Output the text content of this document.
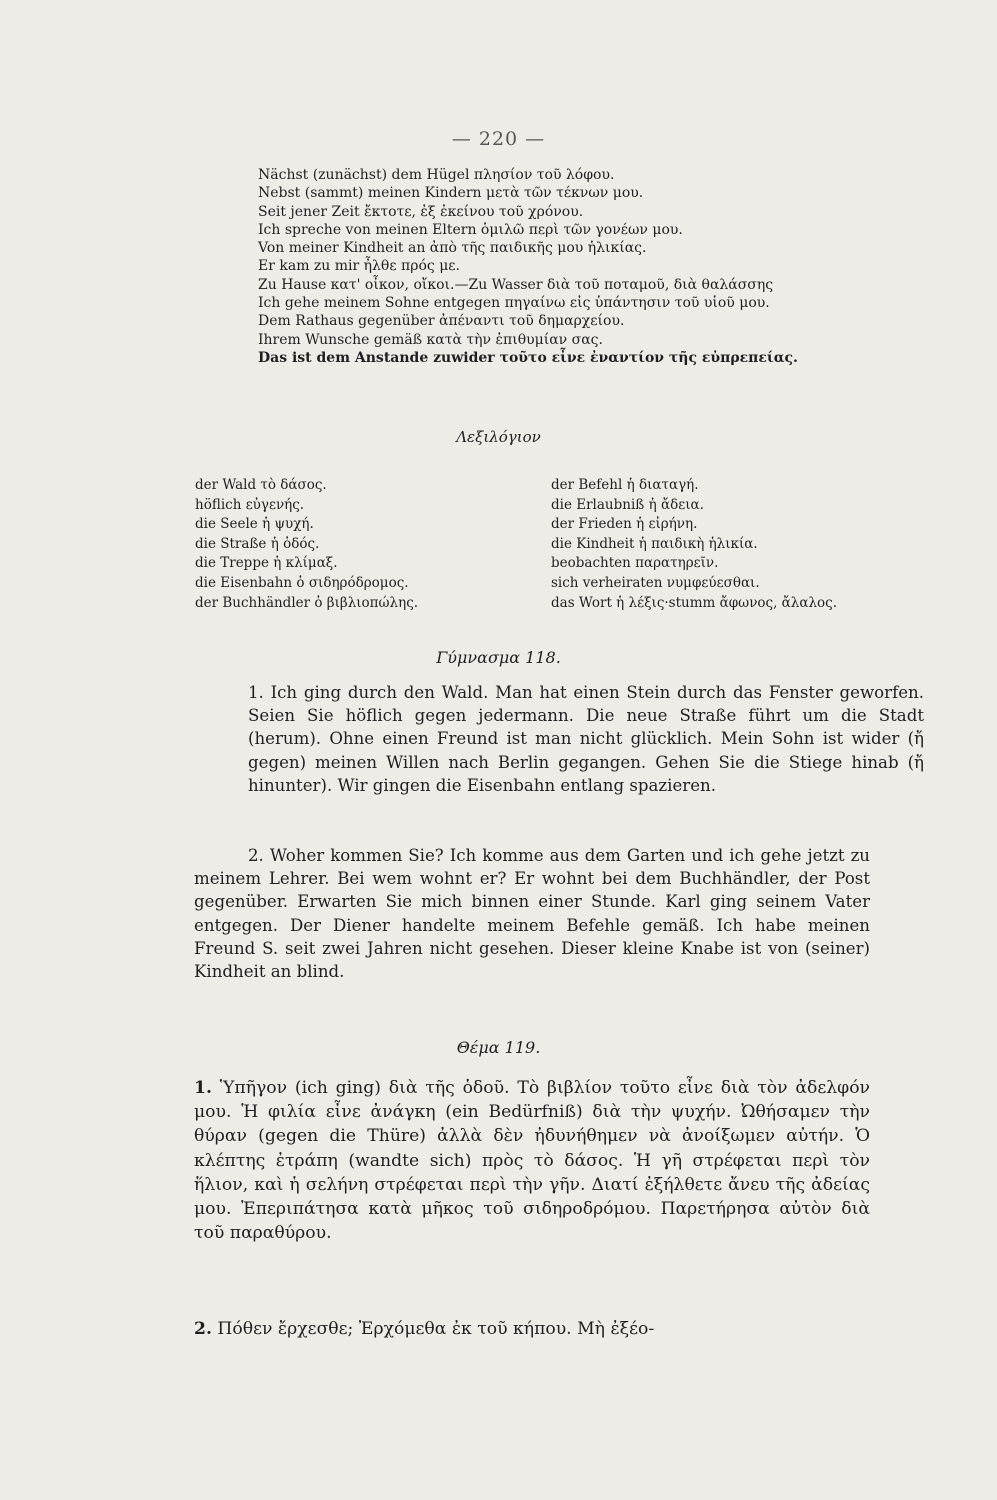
— 220 —
Nächst (zunächst) dem Hügel πλησίον τοῦ λόφου.
Nebst (sammt) meinen Kindern μετὰ τῶν τέκνων μου.
Seit jener Zeit ἔκτοτε, ἐξ ἐκείνου τοῦ χρόνου.
Ich spreche von meinen Eltern ὁμιλῶ περὶ τῶν γονέων μου.
Von meiner Kindheit an ἀπὸ τῆς παιδικῆς μου ἡλικίας.
Er kam zu mir ἦλθε πρός με.
Zu Hause κατ' οἶκον, οἴκοι.—Zu Wasser διὰ τοῦ ποταμοῦ, διὰ θαλάσσης
Ich gehe meinem Sohne entgegen πηγαίνω εἰς ὑπάντησιν τοῦ υἱοῦ μου.
Dem Rathaus gegenüber ἀπέναντι τοῦ δημαρχείου.
Ihrem Wunsche gemäß κατὰ τὴν ἐπιθυμίαν σας.
Das ist dem Anstande zuwider τοῦτο εἶνε ἐναντίον τῆς εὐπρεπείας.
Λεξιλόγιον
der Wald τὸ δάσος.
höflich εὐγενής.
die Seele ἡ ψυχή.
die Straße ἡ ὁδός.
die Treppe ἡ κλίμαξ.
die Eisenbahn ὁ σιδηρόδρομος.
der Buchhändler ὁ βιβλιοπώλης.
der Befehl ἡ διαταγή.
die Erlaubniß ἡ ἄδεια.
der Frieden ἡ εἰρήνη.
die Kindheit ἡ παιδικὴ ἡλικία.
beobachten παρατηρεῖν.
sich verheiraten νυμφεύεσθαι.
das Wort ἡ λέξις·stumm ἄφωνος, ἄλαλος.
Γύμνασμα 118.
1. Ich ging durch den Wald. Man hat einen Stein durch das Fenster geworfen. Seien Sie höflich gegen jedermann. Die neue Straße führt um die Stadt (herum). Ohne einen Freund ist man nicht glücklich. Mein Sohn ist wider (ἤ gegen) meinen Willen nach Berlin gegangen. Gehen Sie die Stiege hinab (ἤ hinunter). Wir gingen die Eisenbahn entlang spazieren.
2. Woher kommen Sie? Ich komme aus dem Garten und ich gehe jetzt zu meinem Lehrer. Bei wem wohnt er? Er wohnt bei dem Buchhändler, der Post gegenüber. Erwarten Sie mich binnen einer Stunde. Karl ging seinem Vater entgegen. Der Diener handelte meinem Befehle gemäß. Ich habe meinen Freund S. seit zwei Jahren nicht gesehen. Dieser kleine Knabe ist von (seiner) Kindheit an blind.
Θέμα 119.
1. Ὑπῆγον (ich ging) διὰ τῆς ὁδοῦ. Τὸ βιβλίον τοῦτο εἶνε διὰ τὸν ἀδελφόν μου. Ἡ φιλία εἶνε ἀνάγκη (ein Bedürfniß) διὰ τὴν ψυχήν. Ὠθήσαμεν τὴν θύραν (gegen die Thüre) ἀλλὰ δὲν ἠδυνήθημεν νὰ ἀνοίξωμεν αὐτήν. Ὁ κλέπτης ἐτράπη (wandte sich) πρὸς τὸ δάσος. Ἡ γῆ στρέφεται περὶ τὸν ἥλιον, καὶ ἡ σελήνη στρέφεται περὶ τὴν γῆν. Διατί ἐξήλθετε ἄνευ τῆς ἀδείας μου. Ἐπεριπάτησα κατὰ μῆκος τοῦ σιδηροδρόμου. Παρετήρησα αὐτὸν διὰ τοῦ παραθύρου.
2. Πόθεν ἔρχεσθε; Ἐρχόμεθα ἐκ τοῦ κήπου. Μὴ ἐξέο-
